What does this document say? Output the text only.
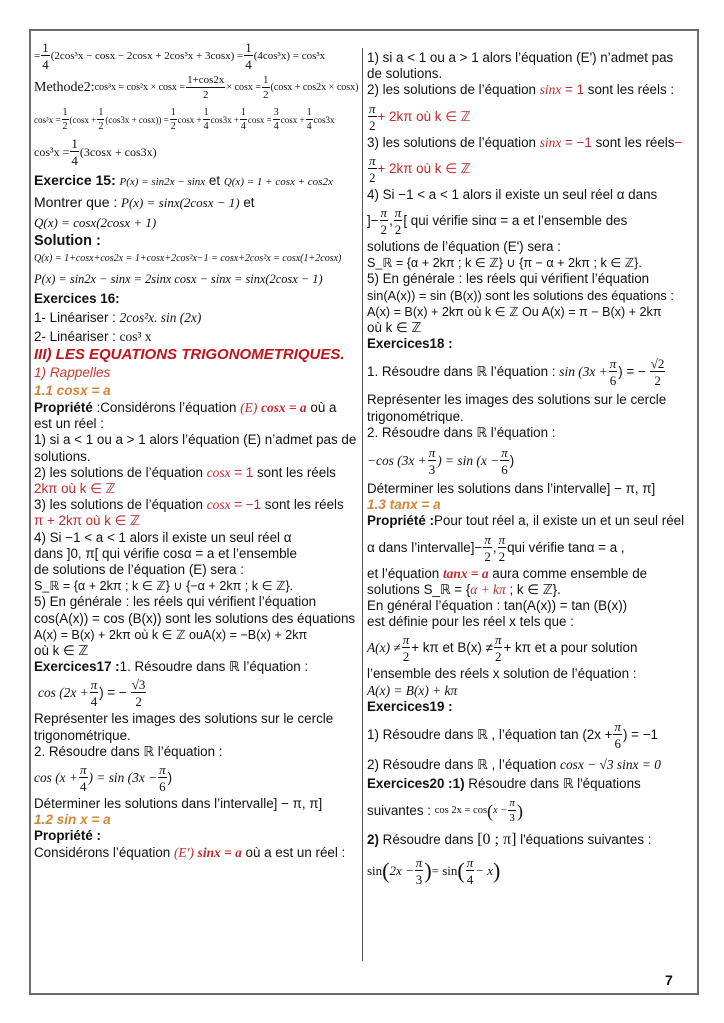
= $\frac{1}{4} (2\cos^3x - \cos x - 2\cos x + 2\cos^3x + 3\cos x) = \frac{1}{4} (4\cos^3x) = \cos^3x$
Methode2: $\cos^3x = \cos^2x \times \cos x = \frac{1+\cos 2x}{2} \times \cos x = \frac{1}{2} (\cos x + \cos 2x \times \cos x)$
$\cos^3x = \frac{1}{2} (\cos x + \frac{1}{2} (\cos 3x + \cos x)) = \frac{1}{2}$ $\cos x + \frac{1}{4} \cos 3x + \frac{1}{4}$ $\cos x = \frac{3}{4}$ $\cos x + \frac{1}{4} \cos 3x$
$\cos^3x = \frac{1}{4} (3\cos x + \cos 3x)$
Exercice 15: P(x) = sin2x − sinx et Q(x) = 1 + cosx + cos2x
Montrer que : P(x) = sinx(2cosx − 1) et
Q(x) = cosx(2cosx + 1)
Solution :
Q(x) = 1+cosx+cos2x = 1+cosx+2cos²x−1 = cosx+2cos²x = cosx(1+2cosx)
P(x) = sin2x − sinx = 2sinx cosx − sinx = sinx(2cosx − 1)
Exercices 16:
1- Linéariser : 2cos²x. sin (2x)
2- Linéariser : cos³ x
III) LES EQUATIONS TRIGONOMETRIQUES.
1) Rappelles
1.1 cosx = a
Propriété :Considérons l’équation (E) cosx = a où a
est un réel :
1) si a < 1 ou a > 1 alors l’équation (E) n’admet pas de
solutions.
2) les solutions de l’équation cosx = 1 sont les réels
2kπ où k ∈ ℤ
3) les solutions de l’équation cosx = −1 sont les réels
π + 2kπ où k ∈ ℤ
4) Si −1 < a < 1 alors il existe un seul réel α
dans ]0, π[ qui vérifie cosα = a et l’ensemble
de solutions de l’équation (E) sera :
S_ℝ = {α + 2kπ ; k ∈ ℤ} ∪ {−α + 2kπ ; k ∈ ℤ}.
5) En générale : les réels qui vérifient l’équation
cos(A(x)) = cos (B(x)) sont les solutions des équations
A(x) = B(x) + 2kπ où k ∈ ℤ ouA(x) = −B(x) + 2kπ
où k ∈ ℤ
Exercices17 :1. Résoudre dans ℝ l’équation :
$\cos (2x + \frac{\pi}{4}$ ) = − $\frac{√3}{2}$
Représenter les images des solutions sur le cercle
trigonométrique.
2. Résoudre dans ℝ l’équation :
$\cos (x + \frac{\pi}{4}$ ) = $\sin (3x - \frac{\pi}{6}$ )
Déterminer les solutions dans l’intervalle] − π, π]
1.2 sin x = a
Propriété :
Considérons l’équation (E') sinx = a où a est un réel :
1) si a < 1 ou a > 1 alors l’équation (E') n’admet pas
de solutions.
2) les solutions de l’équation sinx = 1 sont les réels :
$\frac{\pi}{2} + 2k\pi$ où k ∈ ℤ
3) les solutions de l’équation sinx = −1 sont les réels−
$\frac{\pi}{2} + 2k\pi$ où k ∈ ℤ
4) Si −1 < a < 1 alors il existe un seul réel α dans
]− $\frac{\pi}{2}$ , $\frac{\pi}{2}$ [ qui vérifie sinα = a et l’ensemble des
solutions de l’équation (E') sera :
S_ℝ = {α + 2kπ ; k ∈ ℤ} ∪ {π − α + 2kπ ; k ∈ ℤ}.
5) En générale : les réels qui vérifient l’équation
sin(A(x)) = sin (B(x)) sont les solutions des équations :
A(x) = B(x) + 2kπ où k ∈ ℤ Ou A(x) = π − B(x) + 2kπ
où k ∈ ℤ
Exercices18 :
1. Résoudre dans ℝ l’équation :
$\sin (3x + \frac{\pi}{6}$ ) = − $\frac{√2}{2}$
Représenter les images des solutions sur le cercle
trigonométrique.
2. Résoudre dans ℝ l’équation :
−cos ($3x + \frac{\pi}{3}$ ) = $\sin (x - \frac{\pi}{6}$ )
Déterminer les solutions dans l’intervalle] − π, π]
1.3 tanx = a
Propriété :Pour tout réel a, il existe un et un seul réel
α dans l’intervalle]− $\frac{\pi}{2}$ , $\frac{\pi}{2}$ qui vérifie tanα = a ,
et l’équation tanx = a aura comme ensemble de
solutions S_ℝ = {α + kπ ; k ∈ ℤ}.
En général l’équation : tan(A(x)) = tan (B(x))
est définie pour les réel x tels que :
$A(x) \ne \frac{\pi}{2} + k\pi$ et $B(x) \ne \frac{\pi}{2} + k\pi$ et a pour solution
l’ensemble des réels x solution de l’équation :
A(x) = B(x) + kπ
Exercices19 :
1) Résoudre dans ℝ , l’équation $\tan (2x + \frac{\pi}{6}$ ) = −1
2) Résoudre dans ℝ , l’équation cosx − √3 sinx = 0
Exercices20 :1) Résoudre dans ℝ l'équations
suivantes :
cos 2x = cos ( $x - \frac{\pi}{3}$ )
2) Résoudre dans [0 ; π] l'équations suivantes :
sin ( $2x - \frac{\pi}{3}$ ) = sin ( $\frac{\pi}{4} - x$ )
7
